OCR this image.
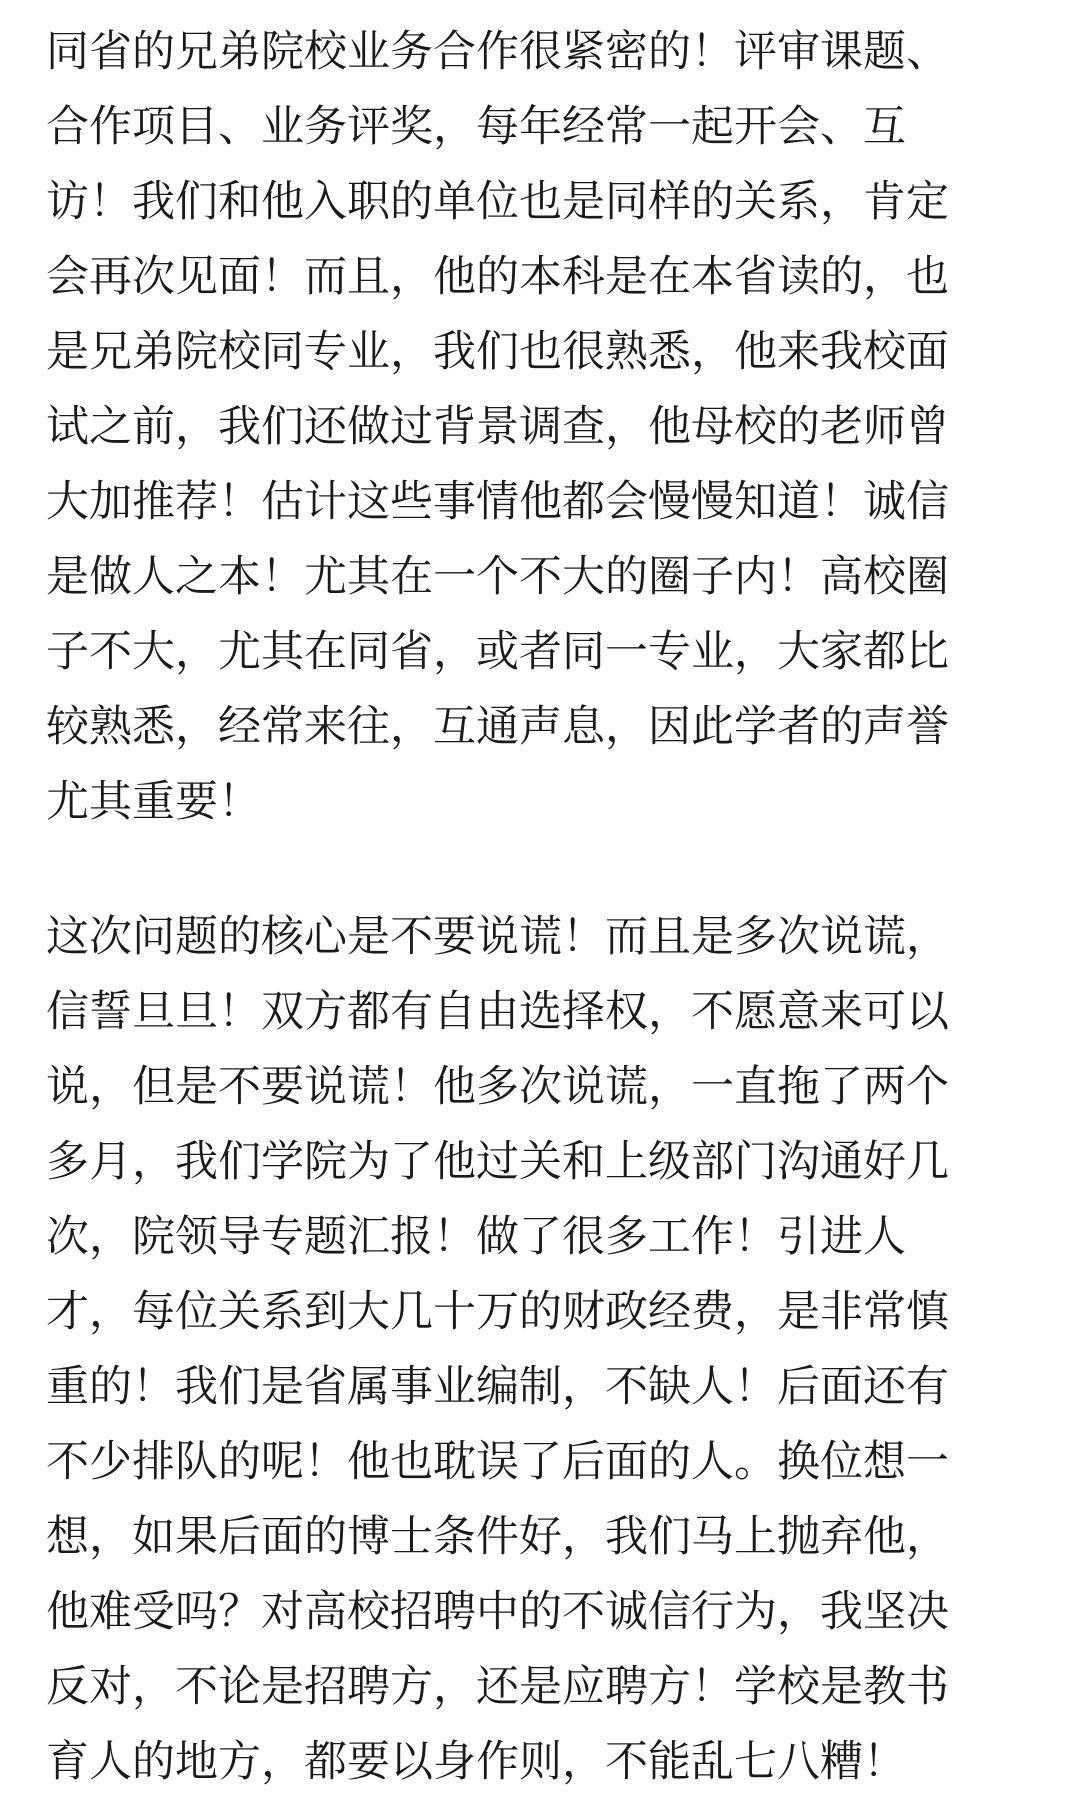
同省的兄弟院校业务合作很紧密的！评审课题、
合作项目、业务评奖，每年经常一起开会、互
访！我们和他入职的单位也是同样的关系，肯定
会再次见面！而且，他的本科是在本省读的，也
是兄弟院校同专业，我们也很熟悉，他来我校面
试之前，我们还做过背景调查，他母校的老师曾
大加推荐！估计这些事情他都会慢慢知道！诚信
是做人之本！尤其在一个不大的圈子内！高校圈
子不大，尤其在同省，或者同一专业，大家都比
较熟悉，经常来往，互通声息，因此学者的声誉
尤其重要！

这次问题的核心是不要说谎！而且是多次说谎，
信誓旦旦！双方都有自由选择权，不愿意来可以
说，但是不要说谎！他多次说谎，一直拖了两个
多月，我们学院为了他过关和上级部门沟通好几
次，院领导专题汇报！做了很多工作！引进人
才，每位关系到大几十万的财政经费，是非常慎
重的！我们是省属事业编制，不缺人！后面还有
不少排队的呢！他也耽误了后面的人。换位想一
想，如果后面的博士条件好，我们马上抛弃他，
他难受吗？对高校招聘中的不诚信行为，我坚决
反对，不论是招聘方，还是应聘方！学校是教书
育人的地方，都要以身作则，不能乱七八糟！
